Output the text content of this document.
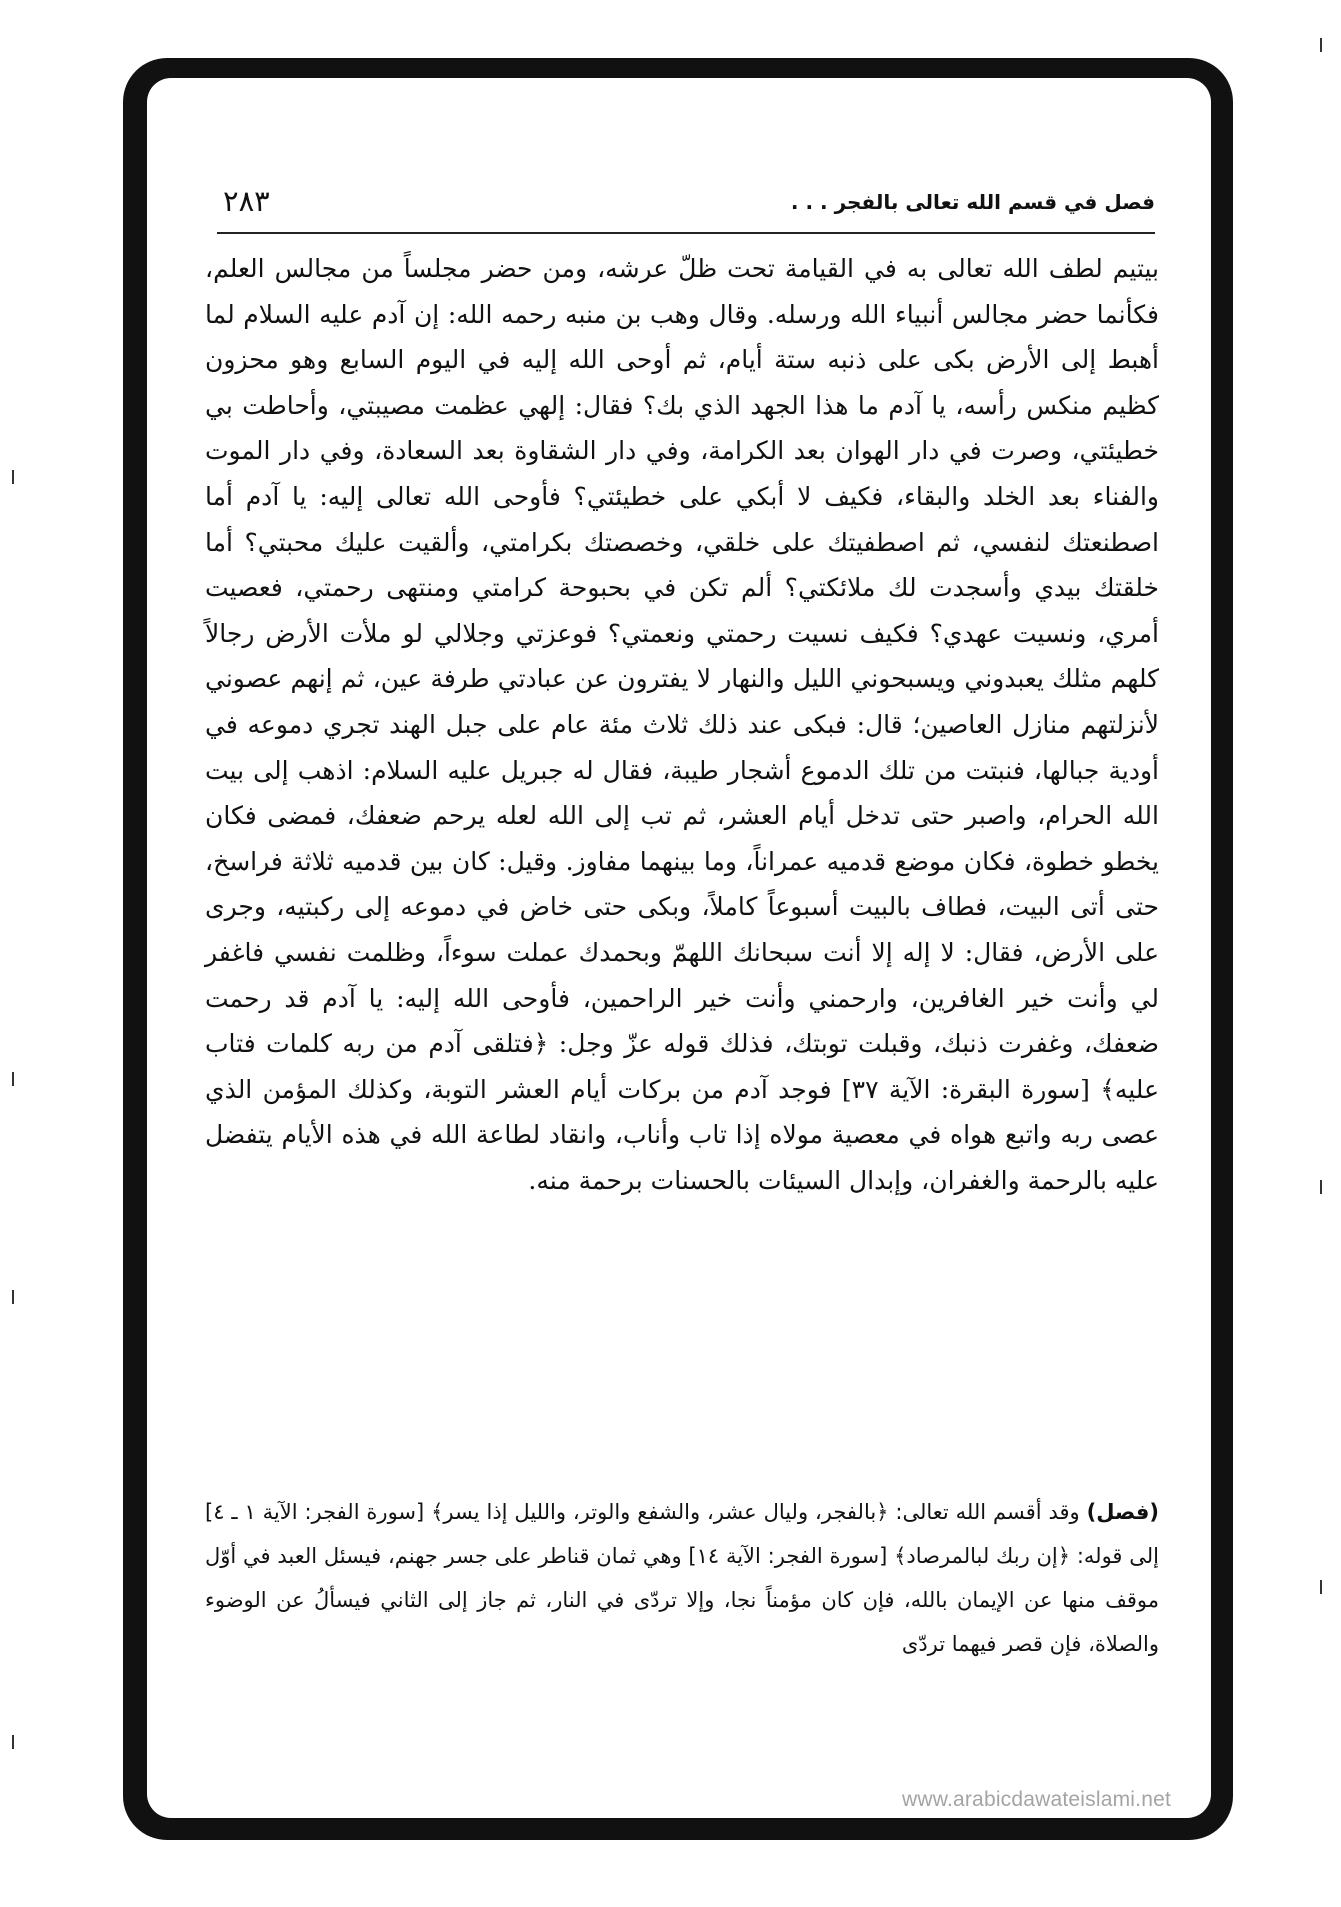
فصل في قسم الله تعالى بالفجر . . .
٢٨٣

بيتيم لطف الله تعالى به في القيامة تحت ظلّ عرشه، ومن حضر مجلساً من مجالس العلم، فكأنما حضر مجالس أنبياء الله ورسله. وقال وهب بن منبه رحمه الله: إن آدم عليه السلام لما أهبط إلى الأرض بكى على ذنبه ستة أيام، ثم أوحى الله إليه في اليوم السابع وهو محزون كظيم منكس رأسه، يا آدم ما هذا الجهد الذي بك؟ فقال: إلهي عظمت مصيبتي، وأحاطت بي خطيئتي، وصرت في دار الهوان بعد الكرامة، وفي دار الشقاوة بعد السعادة، وفي دار الموت والفناء بعد الخلد والبقاء، فكيف لا أبكي على خطيئتي؟ فأوحى الله تعالى إليه: يا آدم أما اصطنعتك لنفسي، ثم اصطفيتك على خلقي، وخصصتك بكرامتي، وألقيت عليك محبتي؟ أما خلقتك بيدي وأسجدت لك ملائكتي؟ ألم تكن في بحبوحة كرامتي ومنتهى رحمتي، فعصيت أمري، ونسيت عهدي؟ فكيف نسيت رحمتي ونعمتي؟ فوعزتي وجلالي لو ملأت الأرض رجالاً كلهم مثلك يعبدوني ويسبحوني الليل والنهار لا يفترون عن عبادتي طرفة عين، ثم إنهم عصوني لأنزلتهم منازل العاصين؛ قال: فبكى عند ذلك ثلاث مئة عام على جبل الهند تجري دموعه في أودية جبالها، فنبتت من تلك الدموع أشجار طيبة، فقال له جبريل عليه السلام: اذهب إلى بيت الله الحرام، واصبر حتى تدخل أيام العشر، ثم تب إلى الله لعله يرحم ضعفك، فمضى فكان يخطو خطوة، فكان موضع قدميه عمراناً، وما بينهما مفاوز. وقيل: كان بين قدميه ثلاثة فراسخ، حتى أتى البيت، فطاف بالبيت أسبوعاً كاملاً، وبكى حتى خاض في دموعه إلى ركبتيه، وجرى على الأرض، فقال: لا إله إلا أنت سبحانك اللهمّ وبحمدك عملت سوءاً، وظلمت نفسي فاغفر لي وأنت خير الغافرين، وارحمني وأنت خير الراحمين، فأوحى الله إليه: يا آدم قد رحمت ضعفك، وغفرت ذنبك، وقبلت توبتك، فذلك قوله عزّ وجل: ﴿فتلقى آدم من ربه كلمات فتاب عليه﴾ [سورة البقرة: الآية ٣٧] فوجد آدم من بركات أيام العشر التوبة، وكذلك المؤمن الذي عصى ربه واتبع هواه في معصية مولاه إذا تاب وأناب، وانقاد لطاعة الله في هذه الأيام يتفضل عليه بالرحمة والغفران، وإبدال السيئات بالحسنات برحمة منه.

(فصل) وقد أقسم الله تعالى: ﴿بالفجر، وليال عشر، والشفع والوتر، والليل إذا يسر﴾ [سورة الفجر: الآية ١ ـ ٤] إلى قوله: ﴿إن ربك لبالمرصاد﴾ [سورة الفجر: الآية ١٤] وهي ثمان قناطر على جسر جهنم، فيسئل العبد في أوّل موقف منها عن الإيمان بالله، فإن كان مؤمناً نجا، وإلا تردّى في النار، ثم جاز إلى الثاني فيسألُ عن الوضوء والصلاة، فإن قصر فيهما تردّى

www.arabicdawateislami.net
